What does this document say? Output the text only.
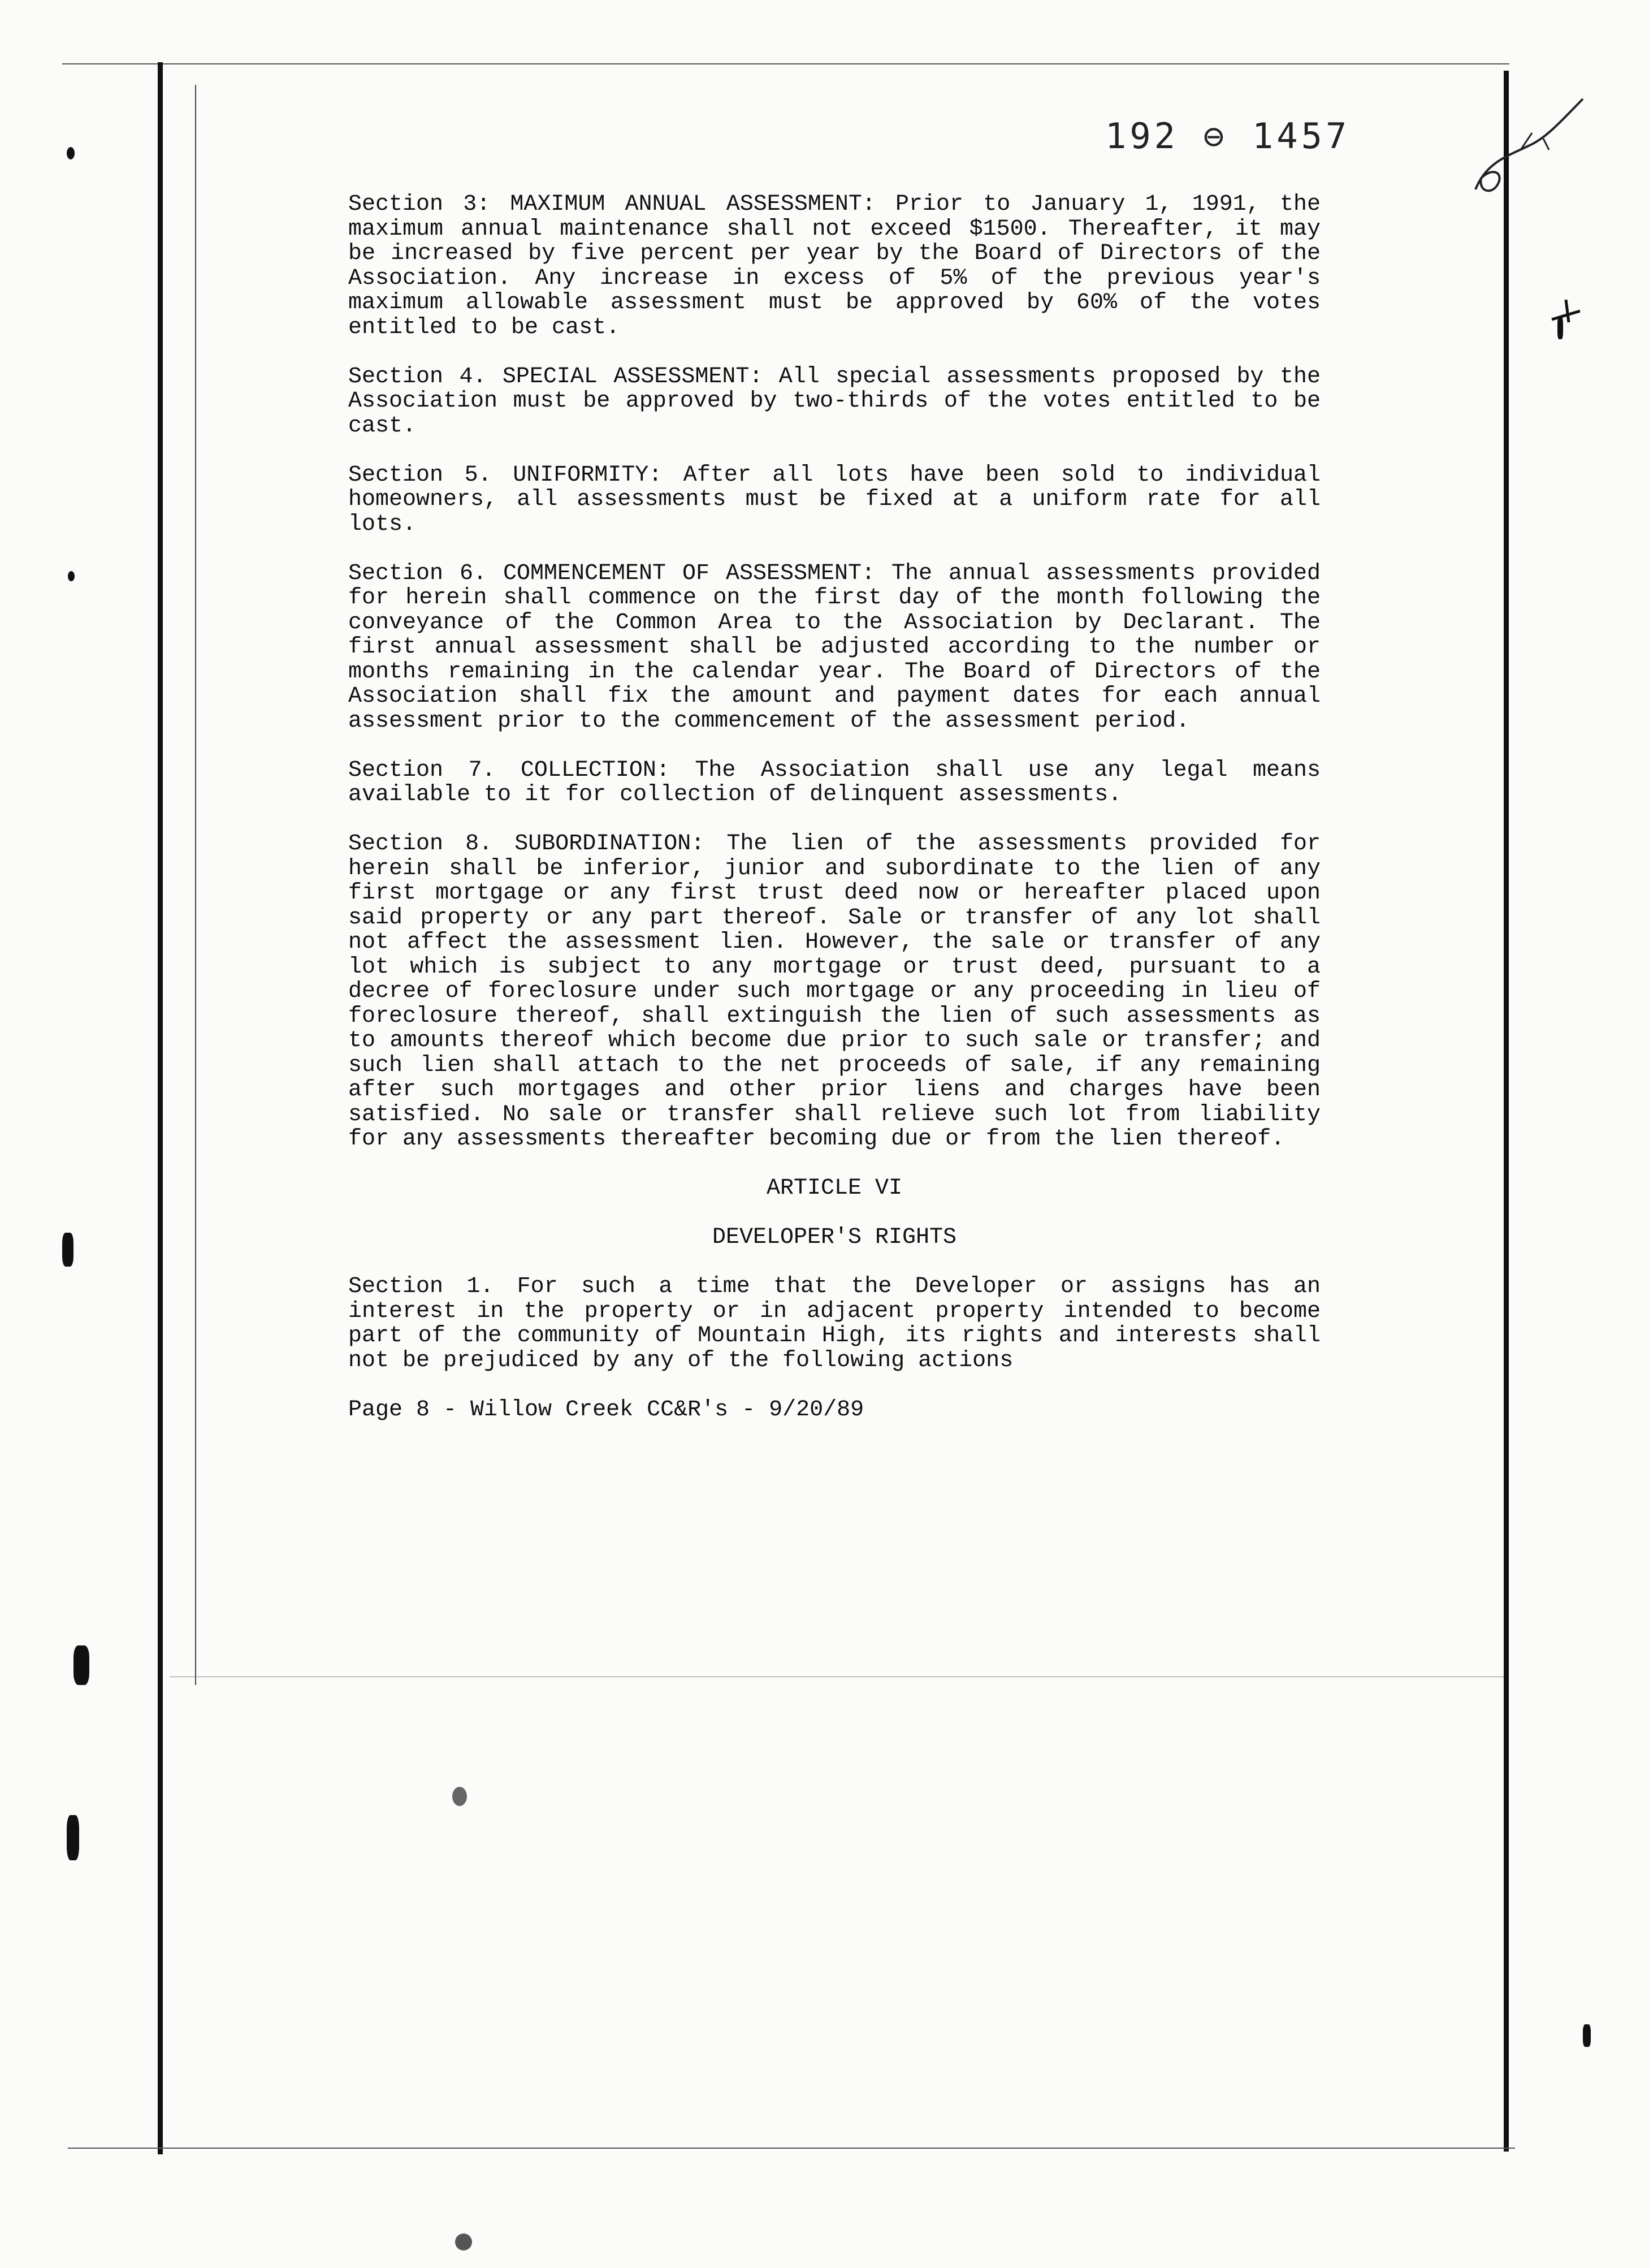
192 ⊖ 1457

Section 3: MAXIMUM ANNUAL ASSESSMENT: Prior to January 1, 1991, the maximum annual maintenance shall not exceed $1500. Thereafter, it may be increased by five percent per year by the Board of Directors of the Association. Any increase in excess of 5% of the previous year's maximum allowable assessment must be approved by 60% of the votes entitled to be cast.

Section 4. SPECIAL ASSESSMENT: All special assessments proposed by the Association must be approved by two-thirds of the votes entitled to be cast.

Section 5. UNIFORMITY: After all lots have been sold to individual homeowners, all assessments must be fixed at a uniform rate for all lots.

Section 6. COMMENCEMENT OF ASSESSMENT: The annual assessments provided for herein shall commence on the first day of the month following the conveyance of the Common Area to the Association by Declarant. The first annual assessment shall be adjusted according to the number or months remaining in the calendar year. The Board of Directors of the Association shall fix the amount and payment dates for each annual assessment prior to the commencement of the assessment period.

Section 7. COLLECTION: The Association shall use any legal means available to it for collection of delinquent assessments.

Section 8. SUBORDINATION: The lien of the assessments provided for herein shall be inferior, junior and subordinate to the lien of any first mortgage or any first trust deed now or hereafter placed upon said property or any part thereof. Sale or transfer of any lot shall not affect the assessment lien. However, the sale or transfer of any lot which is subject to any mortgage or trust deed, pursuant to a decree of foreclosure under such mortgage or any proceeding in lieu of foreclosure thereof, shall extinguish the lien of such assessments as to amounts thereof which become due prior to such sale or transfer; and such lien shall attach to the net proceeds of sale, if any remaining after such mortgages and other prior liens and charges have been satisfied. No sale or transfer shall relieve such lot from liability for any assessments thereafter becoming due or from the lien thereof.

ARTICLE VI

DEVELOPER'S RIGHTS

Section 1. For such a time that the Developer or assigns has an interest in the property or in adjacent property intended to become part of the community of Mountain High, its rights and interests shall not be prejudiced by any of the following actions

Page 8 - Willow Creek CC&R's - 9/20/89
